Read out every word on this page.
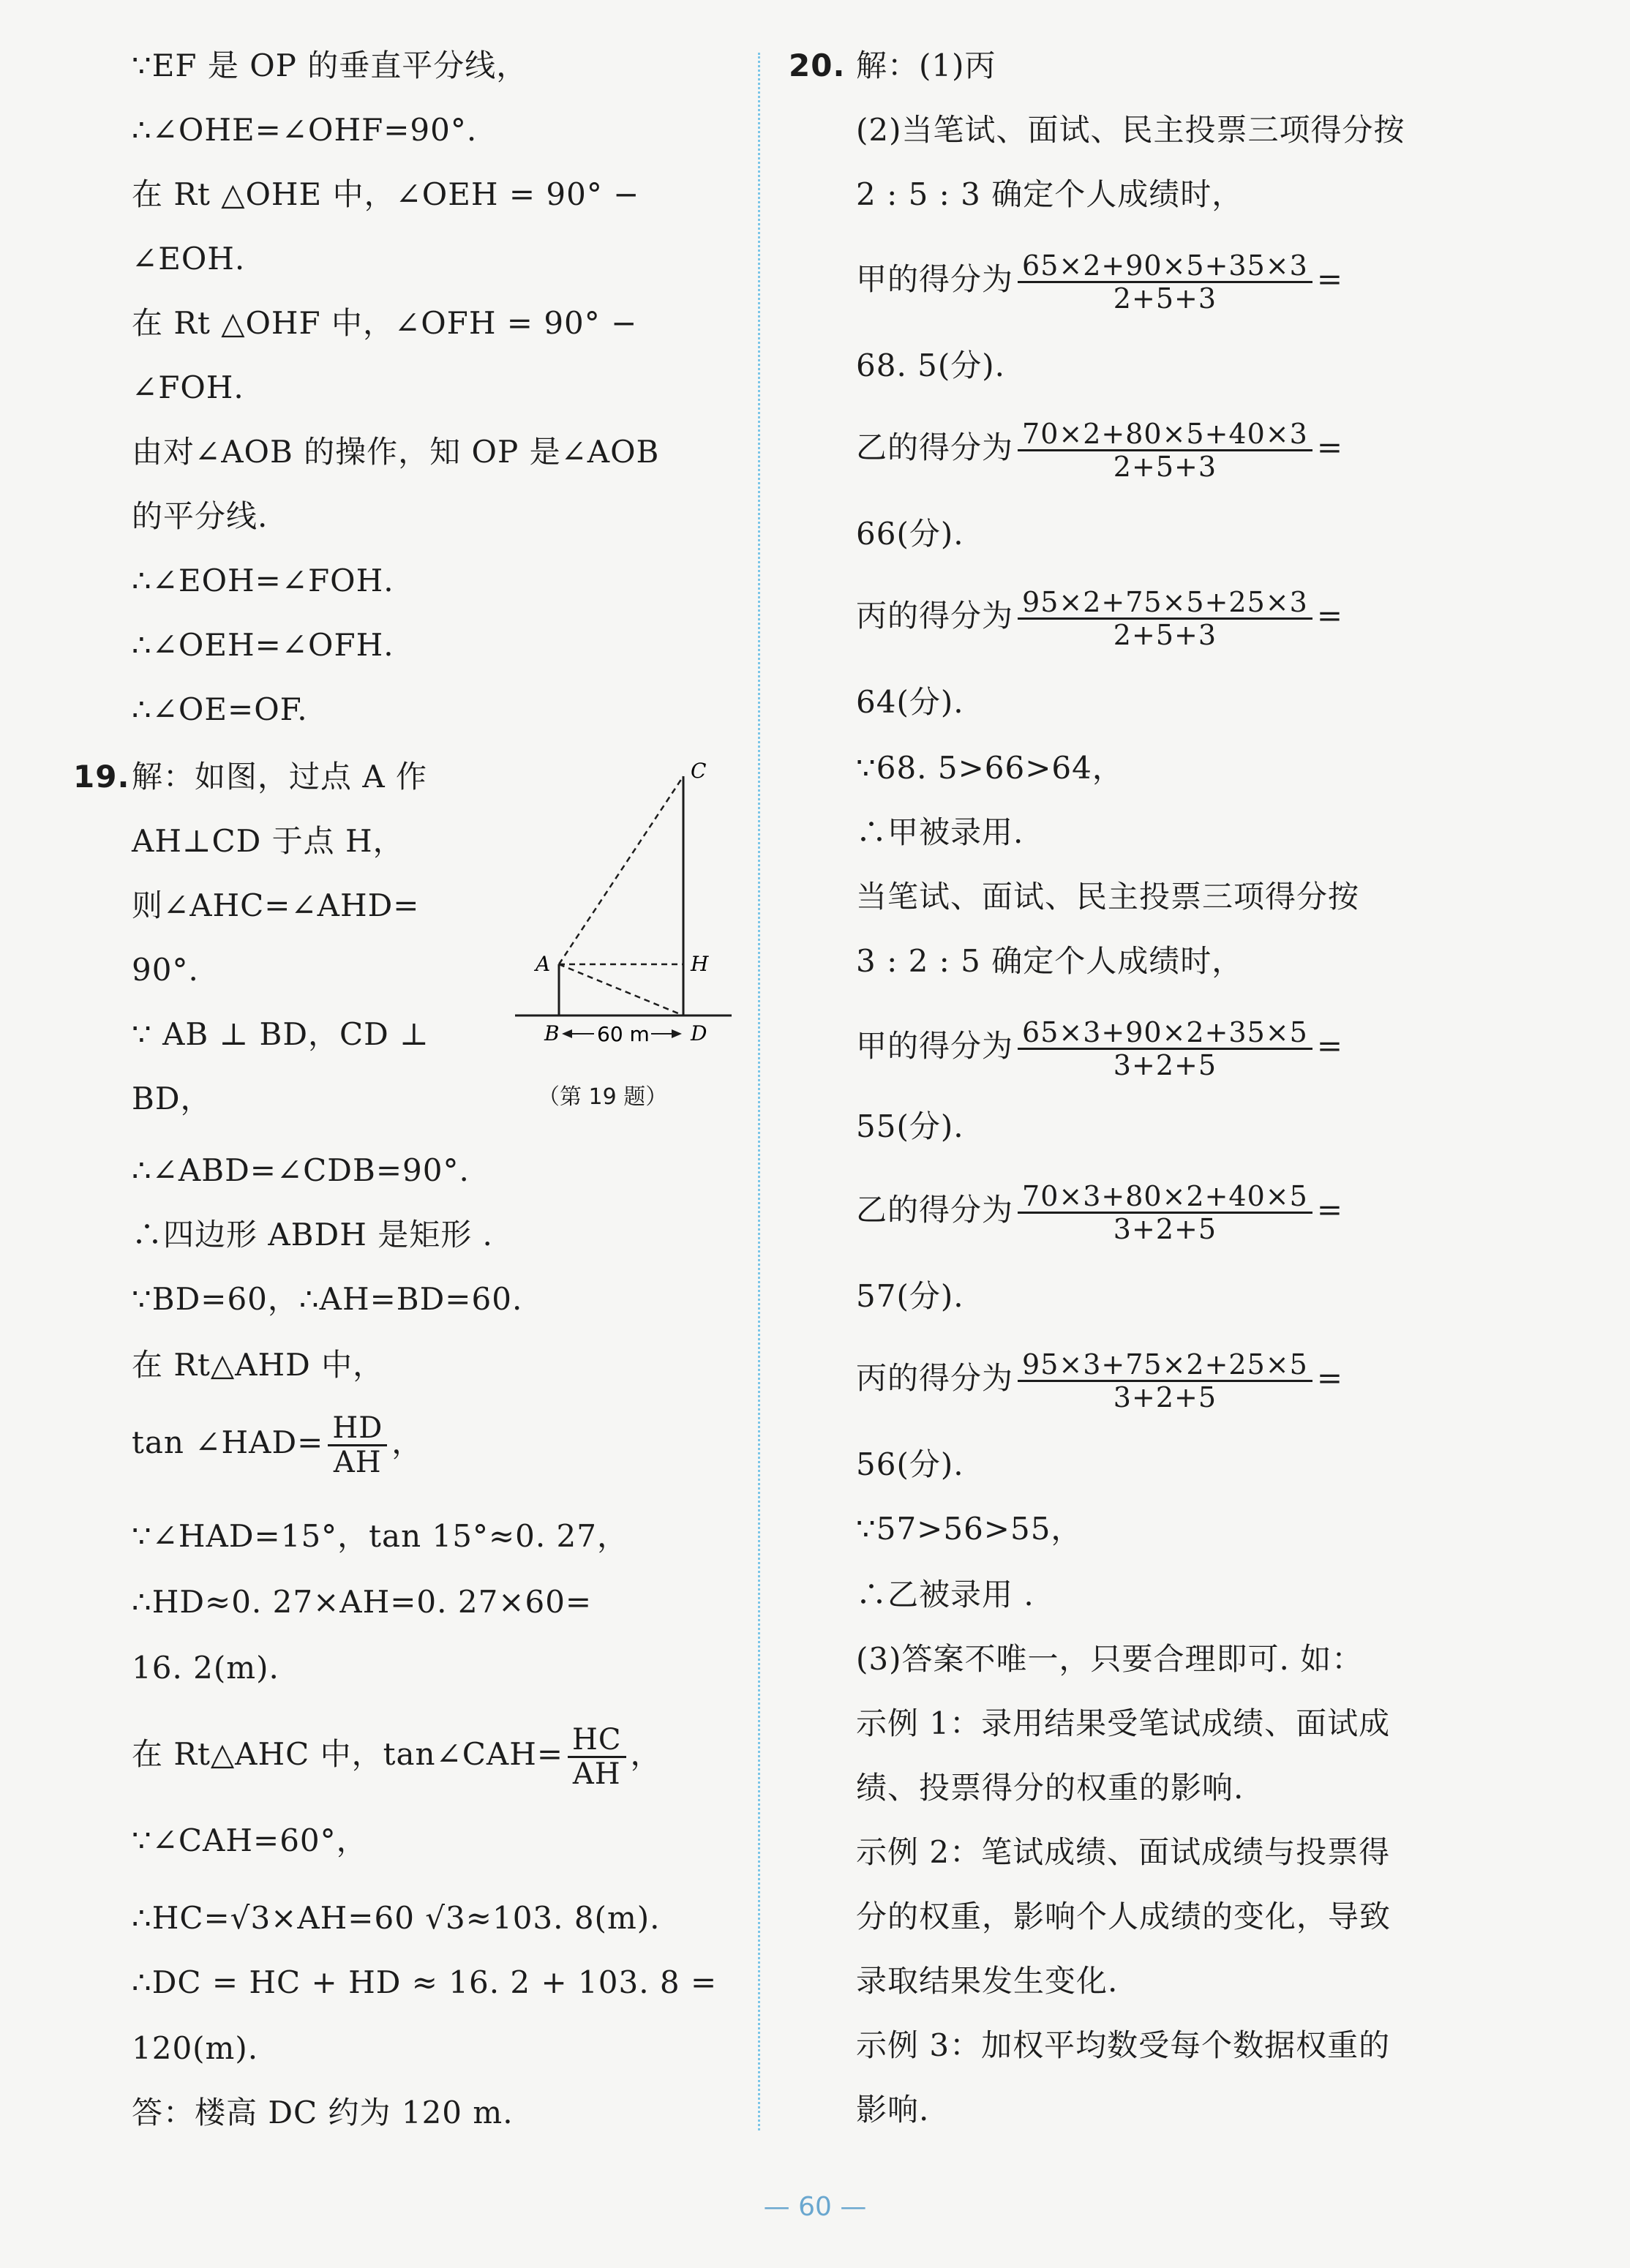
∵EF 是 OP 的垂直平分线，
∴∠OHE=∠OHF=90°.
在 Rt △OHE 中，∠OEH = 90° −
∠EOH.
在 Rt △OHF 中，∠OFH = 90° −
∠FOH.
由对∠AOB 的操作，知 OP 是∠AOB
的平分线.
∴∠EOH=∠FOH.
∴∠OEH=∠OFH.
∴∠OE=OF.
19. 解：如图，过点 A 作
AH⊥CD 于点 H，
则∠AHC=∠AHD=
90°.
∵ AB ⊥ BD，CD ⊥
BD，
∴∠ABD=∠CDB=90°.
∴四边形 ABDH 是矩形 .
∵BD=60，∴AH=BD=60.
在 Rt△AHD 中，
tan ∠HAD= $\frac{HD}{AH}$ ，
∵∠HAD=15°，tan 15°≈0. 27，
∴HD≈0. 27×AH=0. 27×60=
16. 2(m).
在 Rt△AHC 中，tan∠CAH= $\frac{HC}{AH}$ ，
∵∠CAH=60°，
∴HC=√3×AH=60 √3≈103. 8(m).
∴DC = HC + HD ≈ 16. 2 + 103. 8 =
120(m).
答：楼高 DC 约为 120 m.
C
A	H
B	D
60 m
（第 19 题）
20. 解：(1)丙
(2)当笔试、面试、民主投票三项得分按
2 : 5 : 3 确定个人成绩时，
甲的得分为 $\frac{65\times 2+90\times 5+35\times 3}{2+5+3}$ =
68. 5(分).
乙的得分为 $\frac{70\times 2+80\times 5+40\times 3}{2+5+3}$ =
66(分).
丙的得分为 $\frac{95\times 2+75\times 5+25\times 3}{2+5+3}$ =
64(分).
∵68. 5>66>64，
∴甲被录用.
当笔试、面试、民主投票三项得分按
3 : 2 : 5 确定个人成绩时，
甲的得分为 $\frac{65\times 3+90\times 2+35\times 5}{3+2+5}$ =
55(分).
乙的得分为 $\frac{70\times 3+80\times 2+40\times 5}{3+2+5}$ =
57(分).
丙的得分为 $\frac{95\times 3+75\times 2+25\times 5}{3+2+5}$ =
56(分).
∵57>56>55，
∴乙被录用 .
(3)答案不唯一，只要合理即可. 如：
示例 1：录用结果受笔试成绩、面试成
绩、投票得分的权重的影响.
示例 2：笔试成绩、面试成绩与投票得
分的权重，影响个人成绩的变化，导致
录取结果发生变化.
示例 3：加权平均数受每个数据权重的
影响.
— 60 —
